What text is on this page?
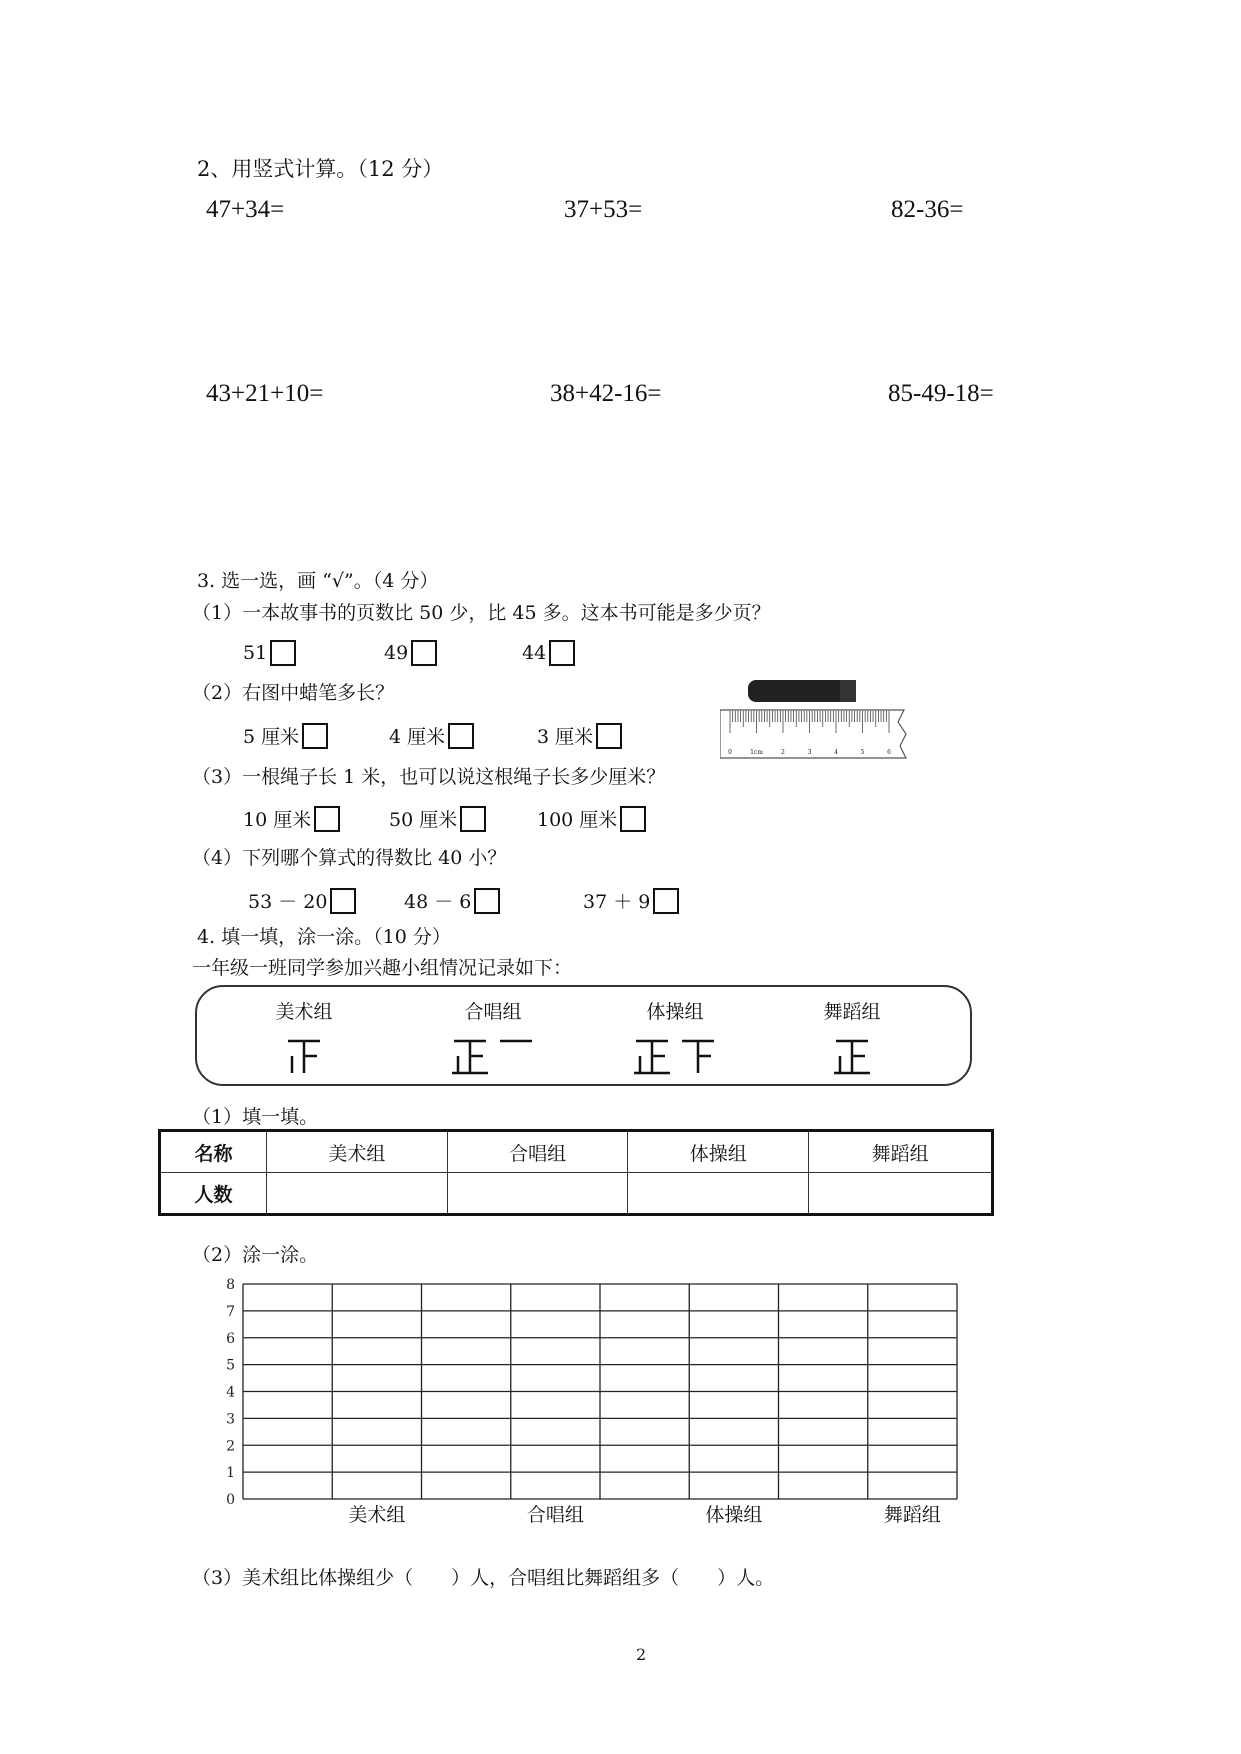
2、用竖式计算。（12 分）
47+34=	37+53=	82-36=
43+21+10=	38+42-16=	85-49-18=
3. 选一选，画 “√”。（4 分）
（1）一本故事书的页数比 50 少，比 45 多。这本书可能是多少页？
51	49	44
（2）右图中蜡笔多长？
5 厘米	4 厘米	3 厘米
0	1cm	2	3	4	5	6
（3）一根绳子长 1 米，也可以说这根绳子长多少厘米？
10 厘米	50 厘米	100 厘米
（4）下列哪个算式的得数比 40 小？
53 － 20	48 － 6	37 ＋ 9
4. 填一填，涂一涂。（10 分）
一年级一班同学参加兴趣小组情况记录如下：
美术组	合唱组	体操组	舞蹈组
（1）填一填。
名称	美术组	合唱组	体操组	舞蹈组
人数				
（2）涂一涂。
8
7
6
5
4
3
2
1
0
美术组	合唱组	体操组	舞蹈组
（3）美术组比体操组少（　　）人，合唱组比舞蹈组多（　　）人。
2
